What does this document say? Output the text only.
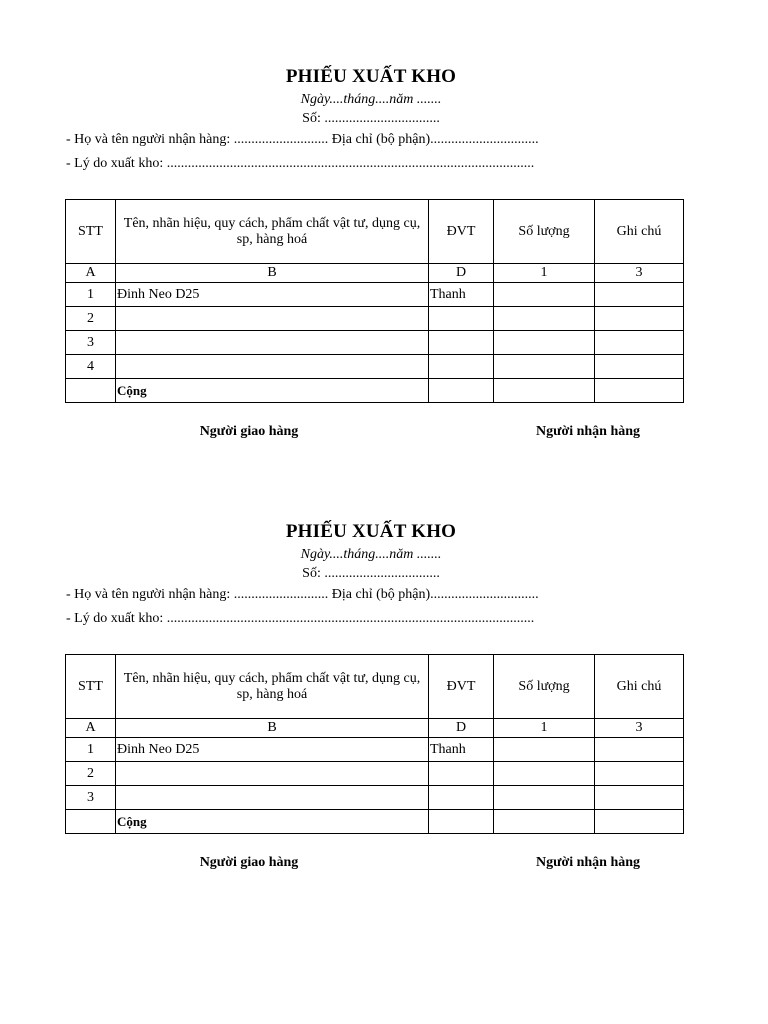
PHIẾU XUẤT KHO
Ngày....tháng....năm .......
Số: .................................
- Họ và tên người nhận hàng: ........................... Địa chỉ (bộ phận)...............................
- Lý do xuất kho: .........................................................................................................
STT	Tên, nhãn hiệu, quy cách, phẩm chất vật tư, dụng cụ, sp, hàng hoá	ĐVT	Số lượng	Ghi chú
A	B	D	1	3
1	Đinh Neo D25	Thanh		
2				
3				
4				
	Cộng			
Người giao hàng	Người nhận hàng
PHIẾU XUẤT KHO
Ngày....tháng....năm .......
Số: .................................
- Họ và tên người nhận hàng: ........................... Địa chỉ (bộ phận)...............................
- Lý do xuất kho: .........................................................................................................
STT	Tên, nhãn hiệu, quy cách, phẩm chất vật tư, dụng cụ, sp, hàng hoá	ĐVT	Số lượng	Ghi chú
A	B	D	1	3
1	Đinh Neo D25	Thanh		
2				
3				
	Cộng			
Người giao hàng	Người nhận hàng
